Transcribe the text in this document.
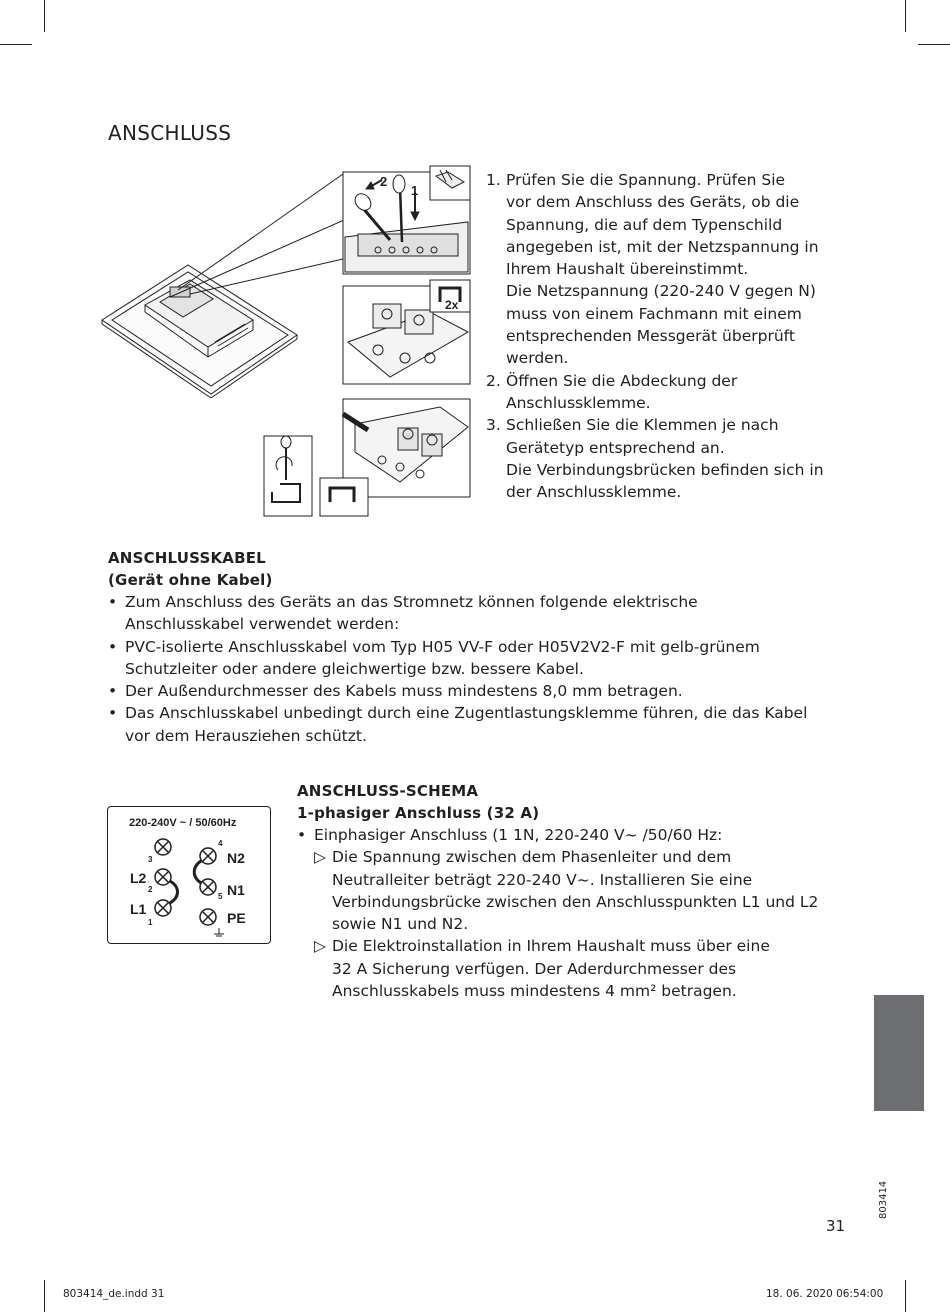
ANSCHLUSS
2
1
2x
1. Prüfen Sie die Spannung. Prüfen Sie
vor dem Anschluss des Geräts, ob die
Spannung, die auf dem Typenschild
angegeben ist, mit der Netzspannung in
Ihrem Haushalt übereinstimmt.
Die Netzspannung (220-240 V gegen N)
muss von einem Fachmann mit einem
entsprechenden Messgerät überprüft
werden.
2. Öffnen Sie die Abdeckung der
Anschlussklemme.
3. Schließen Sie die Klemmen je nach
Gerätetyp entsprechend an.
Die Verbindungsbrücken befinden sich in
der Anschlussklemme.
ANSCHLUSSKABEL
(Gerät ohne Kabel)
• Zum Anschluss des Geräts an das Stromnetz können folgende elektrische
Anschlusskabel verwendet werden:
• PVC-isolierte Anschlusskabel vom Typ H05 VV-F oder H05V2V2-F mit gelb-grünem
Schutzleiter oder andere gleichwertige bzw. bessere Kabel.
• Der Außendurchmesser des Kabels muss mindestens 8,0 mm betragen.
• Das Anschlusskabel unbedingt durch eine Zugentlastungsklemme führen, die das Kabel
vor dem Herausziehen schützt.
220-240V ~ / 50/60Hz
3
2
1
4
5
L2
L1
N2
N1
PE
ANSCHLUSS-SCHEMA
1-phasiger Anschluss (32 A)
• Einphasiger Anschluss (1 1N, 220-240 V~ /50/60 Hz:
▷ Die Spannung zwischen dem Phasenleiter und dem
Neutralleiter beträgt 220-240 V~. Installieren Sie eine
Verbindungsbrücke zwischen den Anschlusspunkten L1 und L2
sowie N1 und N2.
▷ Die Elektroinstallation in Ihrem Haushalt muss über eine
32 A Sicherung verfügen. Der Aderdurchmesser des
Anschlusskabels muss mindestens 4 mm² betragen.
803414
31
803414_de.indd 31	18. 06. 2020 06:54:00
